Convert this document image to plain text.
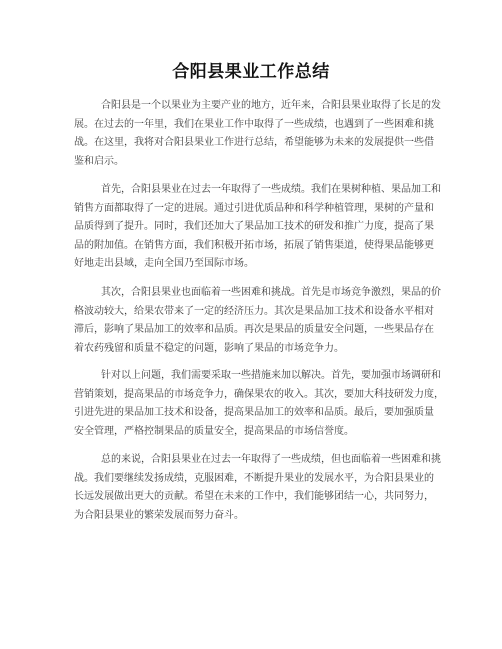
合阳县果业工作总结
合阳县是一个以果业为主要产业的地方，近年来，合阳县果业取得了长足的发
展。在过去的一年里，我们在果业工作中取得了一些成绩，也遇到了一些困难和挑
战。在这里，我将对合阳县果业工作进行总结，希望能够为未来的发展提供一些借
鉴和启示。
首先，合阳县果业在过去一年取得了一些成绩。我们在果树种植、果品加工和
销售方面都取得了一定的进展。通过引进优质品种和科学种植管理，果树的产量和
品质得到了提升。同时，我们还加大了果品加工技术的研发和推广力度，提高了果
品的附加值。在销售方面，我们积极开拓市场，拓展了销售渠道，使得果品能够更
好地走出县域，走向全国乃至国际市场。
其次，合阳县果业也面临着一些困难和挑战。首先是市场竞争激烈，果品的价
格波动较大，给果农带来了一定的经济压力。其次是果品加工技术和设备水平相对
滞后，影响了果品加工的效率和品质。再次是果品的质量安全问题，一些果品存在
着农药残留和质量不稳定的问题，影响了果品的市场竞争力。
针对以上问题，我们需要采取一些措施来加以解决。首先，要加强市场调研和
营销策划，提高果品的市场竞争力，确保果农的收入。其次，要加大科技研发力度，
引进先进的果品加工技术和设备，提高果品加工的效率和品质。最后，要加强质量
安全管理，严格控制果品的质量安全，提高果品的市场信誉度。
总的来说，合阳县果业在过去一年取得了一些成绩，但也面临着一些困难和挑
战。我们要继续发扬成绩，克服困难，不断提升果业的发展水平，为合阳县果业的
长远发展做出更大的贡献。希望在未来的工作中，我们能够团结一心，共同努力，
为合阳县果业的繁荣发展而努力奋斗。
